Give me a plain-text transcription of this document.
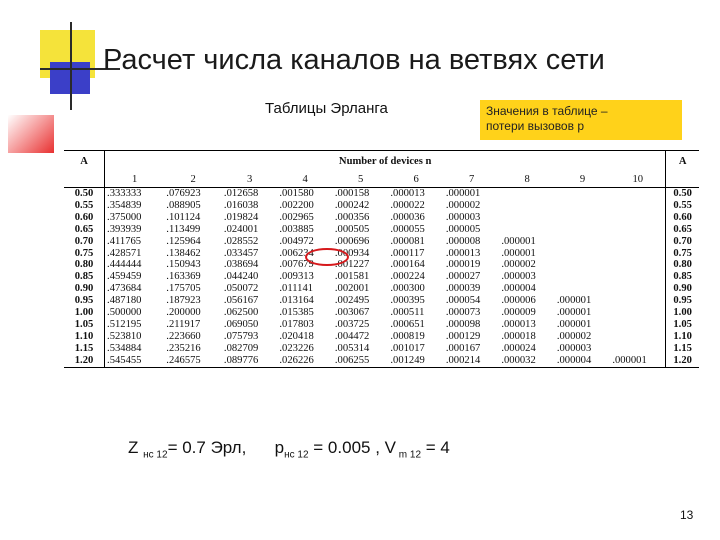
Расчет числа каналов на ветвях сети
Таблицы Эрланга	Значения в таблице –
потери вызовов p
A	Number of devices n										A
	1	2	3	4	5	6	7	8	9	10	
0.50	.333333	.076923	.012658	.001580	.000158	.000013	.000001				0.50
0.55	.354839	.088905	.016038	.002200	.000242	.000022	.000002				0.55
0.60	.375000	.101124	.019824	.002965	.000356	.000036	.000003				0.60
0.65	.393939	.113499	.024001	.003885	.000505	.000055	.000005				0.65
0.70	.411765	.125964	.028552	.004972	.000696	.000081	.000008	.000001			0.70
0.75	.428571	.138462	.033457	.006234	.000934	.000117	.000013	.000001			0.75
0.80	.444444	.150943	.038694	.007679	.001227	.000164	.000019	.000002			0.80
0.85	.459459	.163369	.044240	.009313	.001581	.000224	.000027	.000003			0.85
0.90	.473684	.175705	.050072	.011141	.002001	.000300	.000039	.000004			0.90
0.95	.487180	.187923	.056167	.013164	.002495	.000395	.000054	.000006	.000001		0.95
1.00	.500000	.200000	.062500	.015385	.003067	.000511	.000073	.000009	.000001		1.00
1.05	.512195	.211917	.069050	.017803	.003725	.000651	.000098	.000013	.000001		1.05
1.10	.523810	.223660	.075793	.020418	.004472	.000819	.000129	.000018	.000002		1.10
1.15	.534884	.235216	.082709	.023226	.005314	.001017	.000167	.000024	.000003		1.15
1.20	.545455	.246575	.089776	.026226	.006255	.001249	.000214	.000032	.000004	.000001	1.20
Z $_{нс 12}$= 0.7 Эрл, $р_{нс 12} = 0.005$ , V $_{m 12}$ = 4
13
